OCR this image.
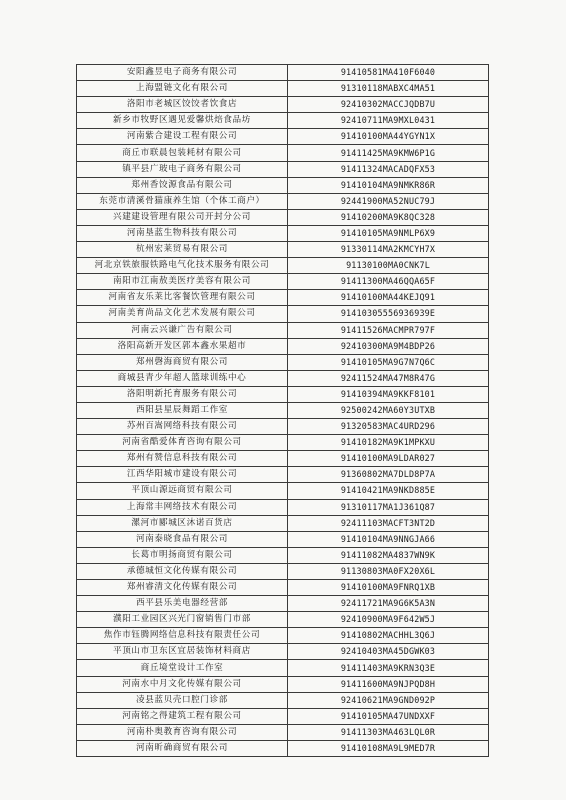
安阳鑫昱电子商务有限公司	91410581MA410F6040
上海盟链文化有限公司	91310118MABXC4MA51
洛阳市老城区饺饺者饮食店	92410302MACCJQDB7U
新乡市牧野区遇见爱馨烘焙食品坊	92410711MA9MXL0431
河南紫合建设工程有限公司	91410100MA44YGYN1X
商丘市联晨包装耗材有限公司	91411425MA9KMW6P1G
镇平县广玻电子商务有限公司	91411324MACADQFX53
郑州香饺源食品有限公司	91410104MA9NMKR86R
东莞市清溪骨猫康养生馆（个体工商户）	92441900MA52NUC79J
兴建建设管理有限公司开封分公司	91410200MA9K8QC328
河南垦蓝生物科技有限公司	91410105MA9NMLP6X9
杭州宏莱贸易有限公司	91330114MA2KMCYH7X
河北京铁旅服铁路电气化技术服务有限公司	91130100MA0CNK7L
南阳市江南敖美医疗美容有限公司	91411300MA46QQA65F
河南省友乐莱比客餐饮管理有限公司	91410100MA44KEJQ91
河南美育尚品文化艺术发展有限公司	91410305556936939E
河南云兴谦广告有限公司	91411526MACMPR797F
洛阳高新开发区郭本鑫水果超市	92410300MA9M4BDP26
郑州磬海商贸有限公司	91410105MA9G7N7Q6C
商城县青少年超人篮球训练中心	92411524MA47M8R47G
洛阳明新托育服务有限公司	91410394MA9KKF8101
西阳县星辰舞蹈工作室	92500242MA60Y3UTXB
苏州百嵩网络科技有限公司	91320583MAC4URD296
河南省酷爱体育咨询有限公司	91410182MA9K1MPKXU
郑州有赞信息科技有限公司	91410100MA9LDAR027
江西华阳城市建设有限公司	91360802MA7DLD8P7A
平顶山源远商贸有限公司	91410421MA9NKD885E
上海常丰网络技术有限公司	91310117MA1J361Q87
漯河市郾城区沐诺百货店	92411103MACFT3NT2D
河南泰晓食品有限公司	91410104MA9NNGJA66
长葛市明扬商贸有限公司	91411082MA4837WN9K
承德城恒文化传媒有限公司	91130803MA0FX20X6L
郑州睿清文化传媒有限公司	91410100MA9FNRQ1XB
西平县乐美电器经营部	92411721MA9G6K5A3N
濮阳工业园区兴光门窗销售门市部	92410900MA9F642W5J
焦作市钰腾网络信息科技有限责任公司	91410802MACHHL3Q6J
平顶山市卫东区宜居装饰材料商店	92410403MA45DGWK03
商丘境堂设计工作室	91411403MA9KRN3Q3E
河南水中月文化传媒有限公司	91411600MA9NJPQD8H
凌县蓝贝壳口腔门诊部	92410621MA9GND092P
河南铭之得建筑工程有限公司	91410105MA47UNDXXF
河南朴奥教育咨询有限公司	91411303MA463LQL0R
河南昕确商贸有限公司	91410108MA9L9MED7R
